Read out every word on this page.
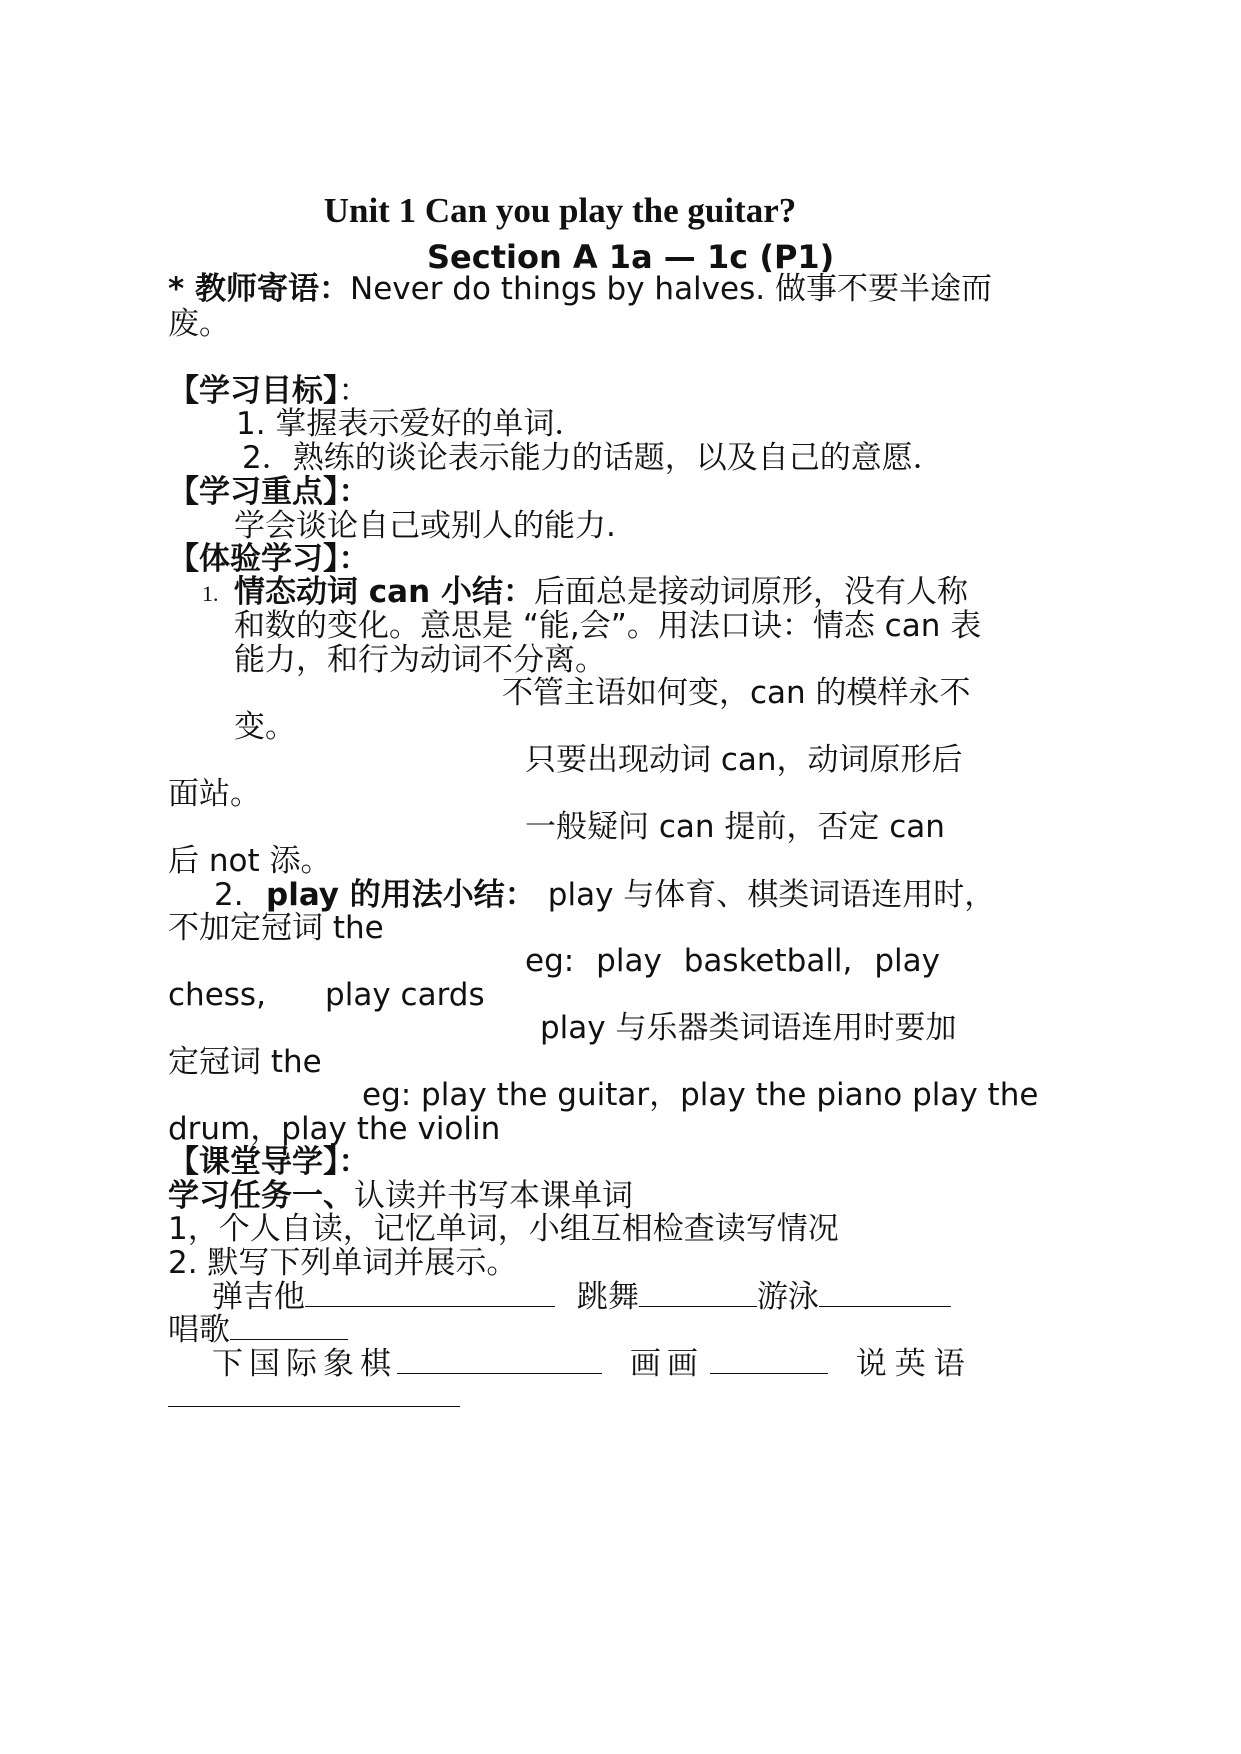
Unit 1 Can you play the guitar?
Section A 1a — 1c (P1)
* 教师寄语：Never do things by halves. 做事不要半途而
废。
【学习目标】：
1. 掌握表示爱好的单词．
2．熟练的谈论表示能力的话题，以及自己的意愿．
【学习重点】：
学会谈论自己或别人的能力.
【体验学习】：
1. 情态动词 can 小结：后面总是接动词原形，没有人称
和数的变化。意思是 “能,会”。用法口诀：情态 can 表
能力，和行为动词不分离。
不管主语如何变，can 的模样永不
变。
只要出现动词 can，动词原形后
面站。
一般疑问 can 提前，否定 can
后 not 添。
2. play 的用法小结： play 与体育、棋类词语连用时，
不加定冠词 the
eg: play basketball, play
chess,      play cards
play 与乐器类词语连用时要加
定冠词 the
eg: play the guitar，play the piano play the
drum，play the violin
【课堂导学】：
学习任务一、认读并书写本课单词
1，个人自读，记忆单词，小组互相检查读写情况
2. 默写下列单词并展示。
弹吉他	跳舞	游泳
唱歌
下国际象棋	画画	说英语
